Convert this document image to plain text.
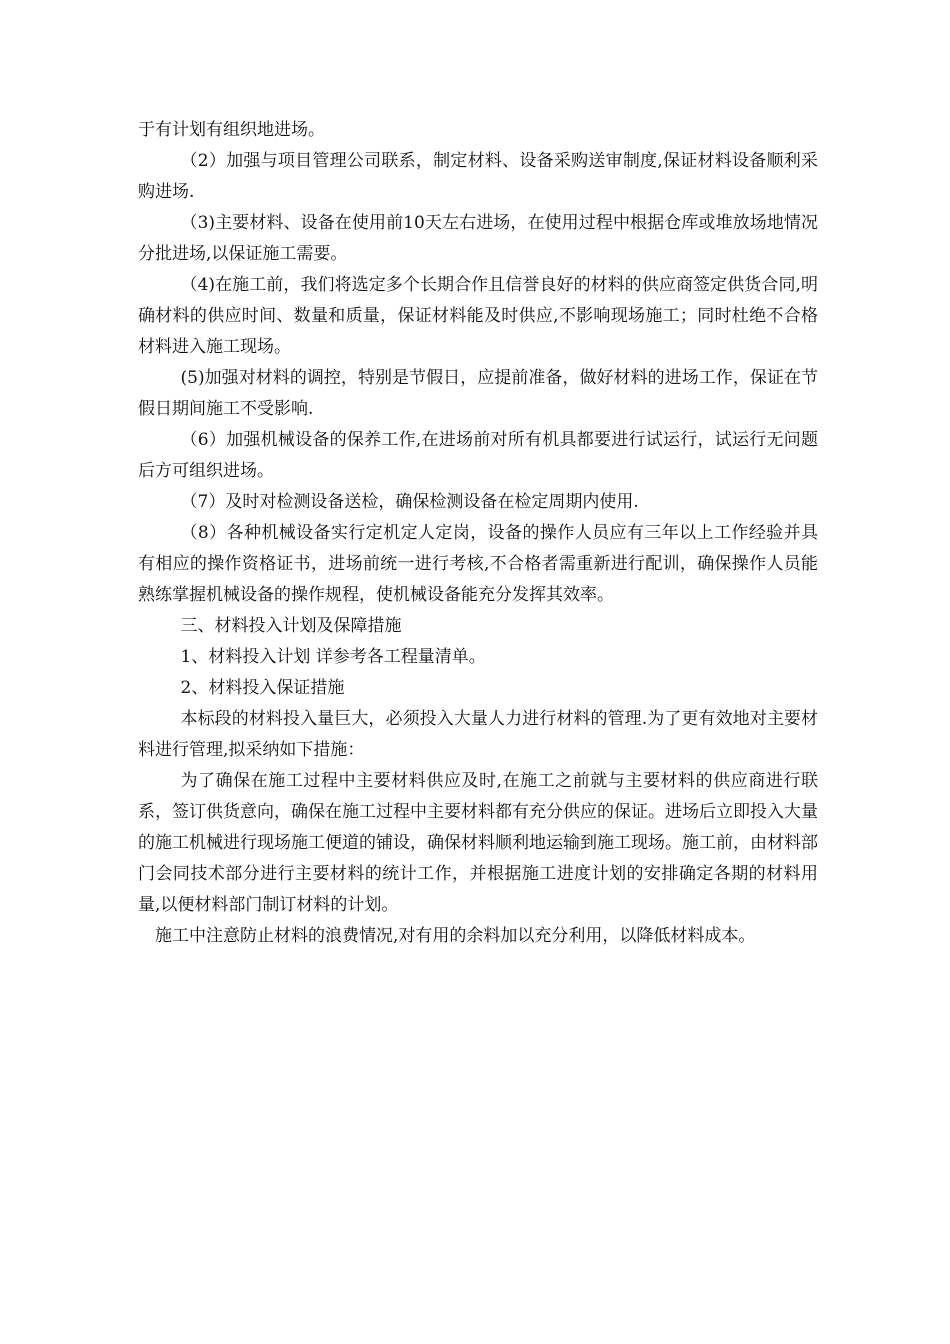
于有计划有组织地进场。

（2）加强与项目管理公司联系，制定材料、设备采购送审制度,保证材料设备顺利采购进场.

（3)主要材料、设备在使用前10天左右进场，在使用过程中根据仓库或堆放场地情况分批进场,以保证施工需要。

（4)在施工前，我们将选定多个长期合作且信誉良好的材料的供应商签定供货合同,明确材料的供应时间、数量和质量，保证材料能及时供应,不影响现场施工；同时杜绝不合格材料进入施工现场。

(5)加强对材料的调控，特别是节假日，应提前准备，做好材料的进场工作，保证在节假日期间施工不受影响.

（6）加强机械设备的保养工作,在进场前对所有机具都要进行试运行，试运行无问题后方可组织进场。

（7）及时对检测设备送检，确保检测设备在检定周期内使用.

（8）各种机械设备实行定机定人定岗，设备的操作人员应有三年以上工作经验并具有相应的操作资格证书，进场前统一进行考核,不合格者需重新进行配训，确保操作人员能熟练掌握机械设备的操作规程，使机械设备能充分发挥其效率。

三、材料投入计划及保障措施

1、材料投入计划 详参考各工程量清单。

2、材料投入保证措施

本标段的材料投入量巨大，必须投入大量人力进行材料的管理.为了更有效地对主要材料进行管理,拟采纳如下措施：

为了确保在施工过程中主要材料供应及时,在施工之前就与主要材料的供应商进行联系，签订供货意向，确保在施工过程中主要材料都有充分供应的保证。进场后立即投入大量的施工机械进行现场施工便道的铺设，确保材料顺利地运输到施工现场。施工前，由材料部门会同技术部分进行主要材料的统计工作，并根据施工进度计划的安排确定各期的材料用量,以便材料部门制订材料的计划。

施工中注意防止材料的浪费情况,对有用的余料加以充分利用，以降低材料成本。
